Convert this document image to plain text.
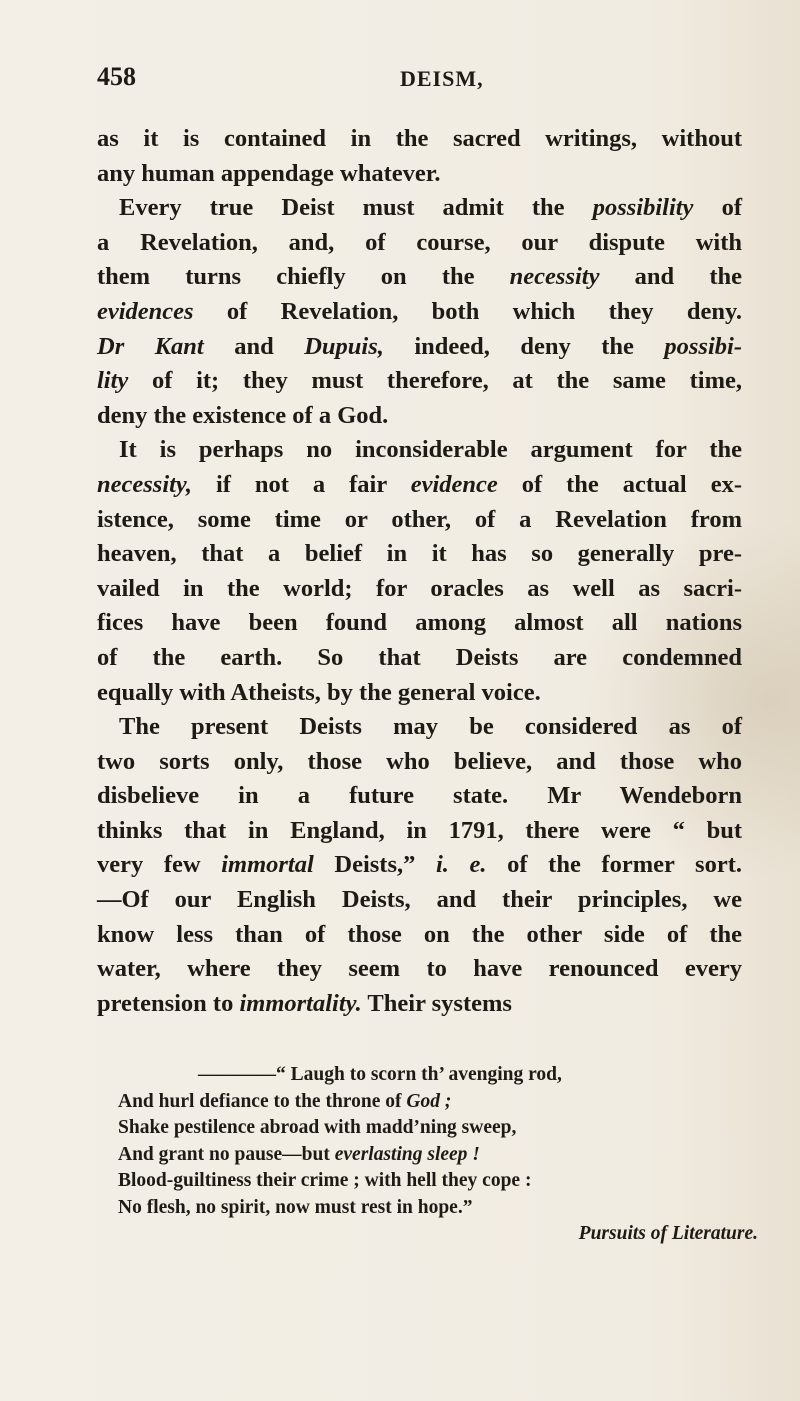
458	DEISM,
as it is contained in the sacred writings, without
any human appendage whatever.
Every true Deist must admit the possibility of
a Revelation, and, of course, our dispute with
them turns chiefly on the necessity and the
evidences of Revelation, both which they deny.
Dr Kant and Dupuis, indeed, deny the possibi-
lity of it; they must therefore, at the same time,
deny the existence of a God.
It is perhaps no inconsiderable argument for the
necessity, if not a fair evidence of the actual ex-
istence, some time or other, of a Revelation from
heaven, that a belief in it has so generally pre-
vailed in the world; for oracles as well as sacri-
fices have been found among almost all nations
of the earth. So that Deists are condemned
equally with Atheists, by the general voice.
The present Deists may be considered as of
two sorts only, those who believe, and those who
disbelieve in a future state. Mr Wendeborn
thinks that in England, in 1791, there were “ but
very few immortal Deists,” i. e. of the former sort.
—Of our English Deists, and their principles, we
know less than of those on the other side of the
water, where they seem to have renounced every
pretension to immortality. Their systems
————“ Laugh to scorn th’ avenging rod,
And hurl defiance to the throne of God ;
Shake pestilence abroad with madd’ning sweep,
And grant no pause—but everlasting sleep !
Blood-guiltiness their crime ; with hell they cope :
No flesh, no spirit, now must rest in hope.”
Pursuits of Literature.
